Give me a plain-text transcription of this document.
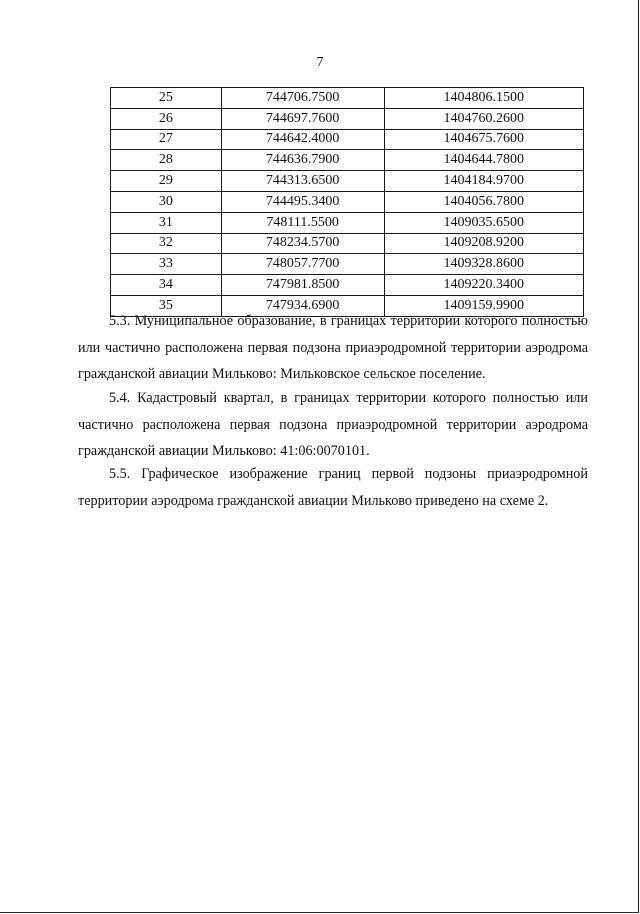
7
25	744706.7500	1404806.1500
26	744697.7600	1404760.2600
27	744642.4000	1404675.7600
28	744636.7900	1404644.7800
29	744313.6500	1404184.9700
30	744495.3400	1404056.7800
31	748111.5500	1409035.6500
32	748234.5700	1409208.9200
33	748057.7700	1409328.8600
34	747981.8500	1409220.3400
35	747934.6900	1409159.9900

5.3. Муниципальное образование, в границах территории которого полностью или частично расположена первая подзона приаэродромной территории аэродрома гражданской авиации Мильково: Мильковское сельское поселение.

5.4. Кадастровый квартал, в границах территории которого полностью или частично расположена первая подзона приаэродромной территории аэродрома гражданской авиации Мильково: 41:06:0070101.

5.5. Графическое изображение границ первой подзоны приаэродромной территории аэродрома гражданской авиации Мильково приведено на схеме 2.
